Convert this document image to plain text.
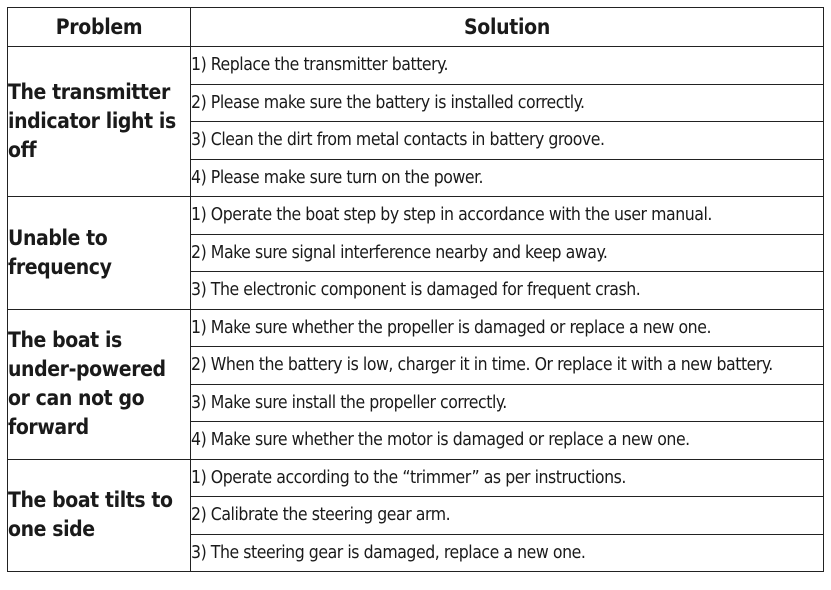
Problem	Solution
The transmitter indicator light is off	1) Replace the transmitter battery.
	2) Please make sure the battery is installed correctly.
	3) Clean the dirt from metal contacts in battery groove.
	4) Please make sure turn on the power.
Unable to frequency	1) Operate the boat step by step in accordance with the user manual.
	2) Make sure signal interference nearby and keep away.
	3) The electronic component is damaged for frequent crash.
The boat is under-powered or can not go forward	1) Make sure whether the propeller is damaged or replace a new one.
	2) When the battery is low, charger it in time. Or replace it with a new battery.
	3) Make sure install the propeller correctly.
	4) Make sure whether the motor is damaged or replace a new one.
The boat tilts to one side	1) Operate according to the “trimmer” as per instructions.
	2) Calibrate the steering gear arm.
	3) The steering gear is damaged, replace a new one.
